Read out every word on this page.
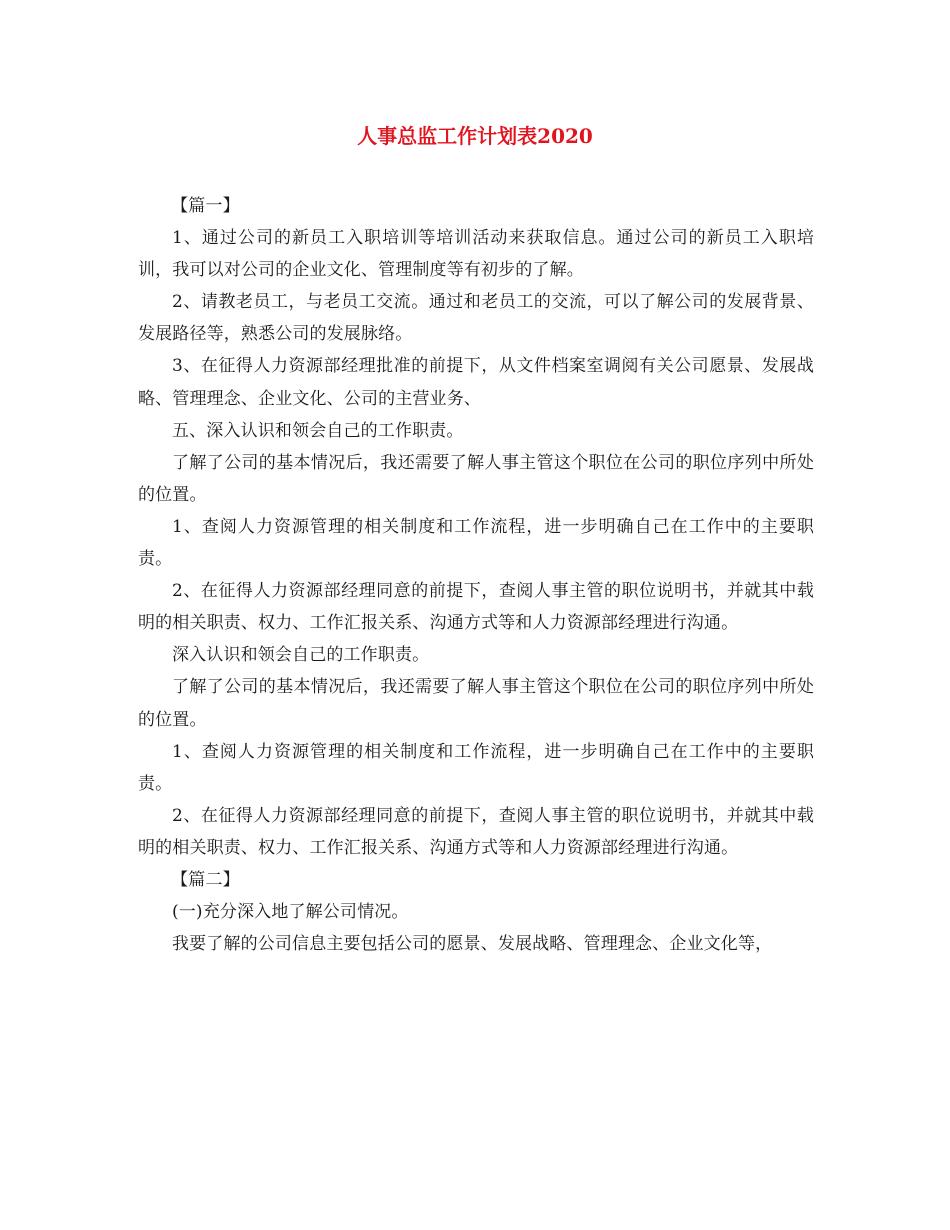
人事总监工作计划表2020

【篇一】

1、通过公司的新员工入职培训等培训活动来获取信息。通过公司的新员工入职培训，我可以对公司的企业文化、管理制度等有初步的了解。

2、请教老员工，与老员工交流。通过和老员工的交流，可以了解公司的发展背景、发展路径等，熟悉公司的发展脉络。

3、在征得人力资源部经理批准的前提下，从文件档案室调阅有关公司愿景、发展战略、管理理念、企业文化、公司的主营业务、

五、深入认识和领会自己的工作职责。

了解了公司的基本情况后，我还需要了解人事主管这个职位在公司的职位序列中所处的位置。

1、查阅人力资源管理的相关制度和工作流程，进一步明确自己在工作中的主要职责。

2、在征得人力资源部经理同意的前提下，查阅人事主管的职位说明书，并就其中载明的相关职责、权力、工作汇报关系、沟通方式等和人力资源部经理进行沟通。

深入认识和领会自己的工作职责。

了解了公司的基本情况后，我还需要了解人事主管这个职位在公司的职位序列中所处的位置。

1、查阅人力资源管理的相关制度和工作流程，进一步明确自己在工作中的主要职责。

2、在征得人力资源部经理同意的前提下，查阅人事主管的职位说明书，并就其中载明的相关职责、权力、工作汇报关系、沟通方式等和人力资源部经理进行沟通。

【篇二】

(一)充分深入地了解公司情况。

我要了解的公司信息主要包括公司的愿景、发展战略、管理理念、企业文化等，
